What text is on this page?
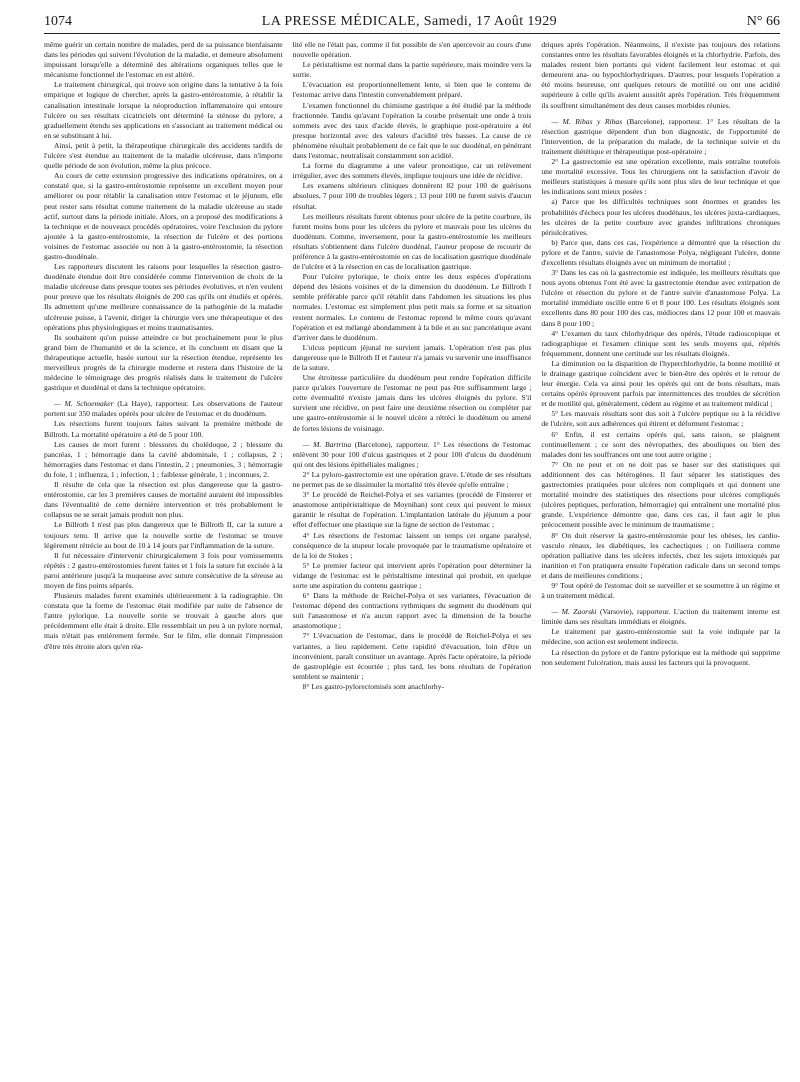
1074	LA PRESSE MÉDICALE, Samedi, 17 Août 1929	N° 66

même guérir un certain nombre de malades, perd de sa puissance bienfaisante dans les périodes qui suivent l'évolution de la maladie, et demeure absolument impuissant lorsqu'elle a déterminé des altérations organiques telles que le mécanisme fonctionnel de l'estomac en est altéré.

Le traitement chirurgical, qui trouve son origine dans la tentative à la fois empirique et logique de chercher, après la gastro-entérostomie, à rétablir la canalisation intestinale lorsque la néoproduction inflammatoire qui entoure l'ulcère ou ses résultats cicatriciels ont déterminé la sténose du pylore, a graduellement étendu ses applications en s'associant au traitement médical ou en se substituant à lui.

Ainsi, petit à petit, la thérapeutique chirurgicale des accidents tardifs de l'ulcère s'est étendue au traitement de la maladie ulcéreuse, dans n'importe quelle période de son évolution, même la plus précoce.

Au cours de cette extension progressive des indications opératoires, on a constaté que, si la gastro-entérostomie représente un excellent moyen pour améliorer ou pour rétablir la canalisation entre l'estomac et le jéjunum, elle peut rester sans résultat comme traitement de la maladie ulcéreuse au stade actif, surtout dans la période initiale. Alors, on a proposé des modifications à la technique et de nouveaux procédés opératoires, voire l'exclusion du pylore ajoutée à la gastro-entérostomie, la résection de l'ulcère et des portions voisines de l'estomac associée ou non à la gastro-entérostomie, la résection gastro-duodénale.

Les rapporteurs discutent les raisons pour lesquelles la résection gastro-duodénale étendue doit être considérée comme l'intervention de choix de la maladie ulcéreuse dans presque toutes ses périodes évolutives, et n'en veulent pour preuve que les résultats éloignés de 200 cas qu'ils ont étudiés et opérés. Ils admettent qu'une meilleure connaissance de la pathogénie de la maladie ulcéreuse puisse, à l'avenir, diriger la chirurgie vers une thérapeutique et des opérations plus physiologiques et moins traumatisantes.

Ils souhaitent qu'on puisse atteindre ce but prochainement pour le plus grand bien de l'humanité et de la science, et ils concluent en disant que la thérapeutique actuelle, basée surtout sur la résection étendue, représente les merveilleux progrès de la chirurgie moderne et restera dans l'histoire de la médecine le témoignage des progrès réalisés dans le traitement de l'ulcère gastrique et duodénal et dans la technique opératoire.

— M. Schoemaker (La Haye), rapporteur. Les observations de l'auteur portent sur 350 malades opérés pour ulcère de l'estomac et du duodénum.

Les résections furent toujours faites suivant la première méthode de Billroth. La mortalité opératoire a été de 5 pour 100.

Les causes de mort furent : blessures du cholédoque, 2 ; blessure du pancréas, 1 ; hémorragie dans la cavité abdominale, 1 ; collapsus, 2 ; hémorragies dans l'estomac et dans l'intestin, 2 ; pneumonies, 3 ; hémorragie du foie, 1 ; influenza, 1 ; infection, 1 ; faiblesse générale, 1 ; inconnues, 2.

Il résulte de cela que la résection est plus dangereuse que la gastro-entérostomie, car les 3 premières causes de mortalité auraient été impossibles dans l'éventualité de cette dernière intervention et très probablement le collapsus ne se serait jamais produit non plus.

Le Billroth I n'est pas plus dangereux que le Billroth II, car la suture a toujours tenu. Il arrive que la nouvelle sortie de l'estomac se trouve légèrement rétrécie au bout de 10 à 14 jours par l'inflammation de la suture.

Il fut nécessaire d'intervenir chirurgicalement 3 fois pour vomissements répétés : 2 gastro-entérostomies furent faites et 1 fois la suture fut excisée à la paroi antérieure jusqu'à la muqueuse avec suture consécutive de la séreuse au moyen de fins points séparés.

Plusieurs malades furent examinés ultérieurement à la radiographie. On constata que la forme de l'estomac était modifiée par suite de l'absence de l'antre pylorique. La nouvelle sortie se trouvait à gauche alors que précédemment elle était à droite. Elle ressemblait un peu à un pylore normal, mais n'était pas entièrement fermée. Sur le film, elle donnait l'impression d'être très étroite alors qu'en réa-

lité elle ne l'était pas, comme il fut possible de s'en apercevoir au cours d'une nouvelle opération.

Le péristaltisme est normal dans la partie supérieure, mais moindre vers la sortie.

L'évacuation est proportionnellement lente, si bien que le contenu de l'estomac arrive dans l'intestin convenablement préparé.

L'examen fonctionnel du chimisme gastrique a été étudié par la méthode fractionnée. Tandis qu'avant l'opération la courbe présentait une onde à trois sommets avec des taux d'acide élevés, le graphique post-opératoire a été presque horizontal avec des valeurs d'acidité très basses. La cause de ce phénomène résultait probablement de ce fait que le suc duodénal, en pénétrant dans l'estomac, neutralisait constamment son acidité.

La forme du diagramme a une valeur pronostique, car un relèvement irrégulier, avec des sommets élevés, implique toujours une idée de récidive.

Les examens ultérieurs cliniques donnèrent 82 pour 100 de guérisons absolues, 7 pour 100 de troubles légers ; 13 pour 100 ne furent suivis d'aucun résultat.

Les meilleurs résultats furent obtenus pour ulcère de la petite courbure, ils furent moins bons pour les ulcères du pylore et mauvais pour les ulcères du duodénum. Comme, inversement, pour la gastro-entérostomie les meilleurs résultats s'obtiennent dans l'ulcère duodénal, l'auteur propose de recourir de préférence à la gastro-entérostomie en cas de localisation gastrique duodénale de l'ulcère et à la résection en cas de localisation gastrique.

Pour l'ulcère pylorique, le choix entre les deux espèces d'opérations dépend des lésions voisines et de la dimension du duodénum. Le Billroth I semble préférable parce qu'il rétablit dans l'abdomen les situations les plus normales. L'estomac est simplement plus petit mais sa forme et sa situation restent normales. Le contenu de l'estomac reprend le même cours qu'avant l'opération et est mélangé abondamment à la bile et au suc pancréatique avant d'arriver dans le duodénum.

L'ulcus pepticum jéjunal ne survient jamais. L'opération n'est pas plus dangereuse que le Billroth II et l'auteur n'a jamais vu survenir une insuffisance de la suture.

Une étroitesse particulière du duodénum peut rendre l'opération difficile parce qu'alors l'ouverture de l'estomac ne peut pas être suffisamment large ; cette éventualité n'existe jamais dans les ulcères éloignés du pylore. S'il survient une récidive, on peut faire une deuxième résection ou compléter par une gastro-entérostomie si le nouvel ulcère a rétréci le duodénum ou amené de fortes lésions de voisinage.

— M. Bartrina (Barcelone), rapporteur. 1° Les résections de l'estomac enlèvent 30 pour 100 d'ulcus gastriques et 2 pour 100 d'ulcus du duodénum qui ont des lésions épithéliales malignes ;

2° La pyloro-gastrectomie est une opération grave. L'étude de ses résultats ne permet pas de se dissimuler la mortalité très élevée qu'elle entraîne ;

3° Le procédé de Reichel-Polya et ses variantes (procédé de Finsterer et anastomose antipéristaltique de Moynihan) sont ceux qui peuvent le mieux garantir le résultat de l'opération. L'implantation latérale du jéjunum a pour effet d'effectuer une plastique sur la ligne de section de l'estomac ;

4° Les résections de l'estomac laissent un temps cet organe paralysé, conséquence de la stupeur locale provoquée par le traumatisme opératoire et de la loi de Stokes ;

5° Le premier facteur qui intervient après l'opération pour déterminer la vidange de l'estomac est le péristaltisme intestinal qui produit, en quelque sorte une aspiration du contenu gastrique ;

6° Dans la méthode de Reichel-Polya et ses variantes, l'évacuation de l'estomac dépend des contractions rythmiques du segment du duodénum qui suit l'anastomose et n'a aucun rapport avec la dimension de la bouche anastomotique ;

7° L'évacuation de l'estomac, dans le procédé de Reichel-Polya et ses variantes, a lieu rapidement. Cette rapidité d'évacuation, loin d'être un inconvénient, paraît constituer un avantage. Après l'acte opératoire, la période de gastroplégie est écourtée ; plus tard, les bons résultats de l'opération semblent se maintenir ;

8° Les gastro-pylorectomisés sont anachlorhy-

driques après l'opération. Néanmoins, il n'existe pas toujours des relations constantes entre les résultats favorables éloignés et la chlorhydrie. Parfois, des malades restent bien portants qui vident facilement leur estomac et qui demeurent ana- ou hypochlorhydriques. D'autres, pour lesquels l'opération a été moins heureuse, ont quelques retours de motilité ou ont une acidité supérieure à celle qu'ils avaient aussitôt après l'opération. Très fréquemment ils souffrent simultanément des deux causes morbides réunies.

— M. Ribas y Ribas (Barcelone), rapporteur. 1° Les résultats de la résection gastrique dépendent d'un bon diagnostic, de l'opportunité de l'intervention, de la préparation du malade, de la technique suivie et du traitement diététique et thérapeutique post-opératoire ;

2° La gastrectomie est une opération excellente, mais entraîne toutefois une mortalité excessive. Tous les chirurgiens ont la satisfaction d'avoir de meilleurs statistiques à mesure qu'ils sont plus sûrs de leur technique et que les indications sont mieux posées :

a) Parce que les difficultés techniques sont énormes et grandes les probabilités d'échecs pour les ulcères duodénaux, les ulcères juxta-cardiaques, les ulcères de la petite courbure avec grandes infiltrations chroniques périulcératives.

b) Parce que, dans ces cas, l'expérience a démontré que la résection du pylore et de l'antre, suivie de l'anastomose Polya, négligeant l'ulcère, donne d'excellents résultats éloignés avec un minimum de mortalité ;

3° Dans les cas où la gastrectomie est indiquée, les meilleurs résultats que nous ayons obtenus l'ont été avec la gastrectomie étendue avec extirpation de l'ulcère et résection du pylore et de l'antre suivie d'anastomose Polya. La mortalité immédiate oscille entre 6 et 8 pour 100. Les résultats éloignés sont excellents dans 80 pour 100 des cas, médiocres dans 12 pour 100 et mauvais dans 8 pour 100 ;

4° L'examen du taux chlorhydrique des opérés, l'étude radioscopique et radiographique et l'examen clinique sont les seuls moyens qui, répétés fréquemment, donnent une certitude sur les résultats éloignés.

La diminution ou la disparition de l'hyperchlorhydrie, la bonne motilité et le drainage gastrique coïncident avec le bien-être des opérés et le retour de leur énergie. Cela va ainsi pour les opérés qui ont de bons résultats, mais certains opérés éprouvent parfois par intermittences des troubles de sécrétion et de motilité qui, généralement, cèdent au régime et au traitement médical ;

5° Les mauvais résultats sont dus soit à l'ulcère peptique ou à la récidive de l'ulcère, soit aux adhérences qui étirent et déforment l'estomac ;

6° Enfin, il est certains opérés qui, sans raison, se plaignent continuellement ; ce sont des névropathes, des abouliques ou bien des malades dont les souffrances ont une tout autre origine ;

7° On ne peut et on ne doit pas se baser sur des statistiques qui additionnent des cas hétérogènes. Il faut séparer les statistiques des gastrectomies pratiquées pour ulcères non compliqués et qui donnent une mortalité moindre des statistiques des résections pour ulcères compliqués (ulcères peptiques, perforation, hémorragie) qui entraînent une mortalité plus grande. L'expérience démontre que, dans ces cas, il faut agir le plus précocement possible avec le minimum de traumatisme ;

8° On doit réserver la gastro-entérostomie pour les obèses, les cardio-vasculo rénaux, les diabétiques, les cachectiques ; on l'utilisera comme opération palliative dans les ulcères infectés, chez les sujets intoxiqués par inanition et l'on pratiquera ensuite l'opération radicale dans un second temps et dans de meilleures conditions ;

9° Tout opéré de l'estomac doit se surveiller et se soumettre à un régime et à un traitement médical.

— M. Zaorski (Varsovie), rapporteur. L'action du traitement interne est limitée dans ses résultats immédiats et éloignés.

Le traitement par gastro-entérostomie suit la voie indiquée par la médecine, son action est seulement indirecte.

La résection du pylore et de l'antre pylorique est la méthode qui supprime non seulement l'ulcération, mais aussi les facteurs qui la provoquent.
